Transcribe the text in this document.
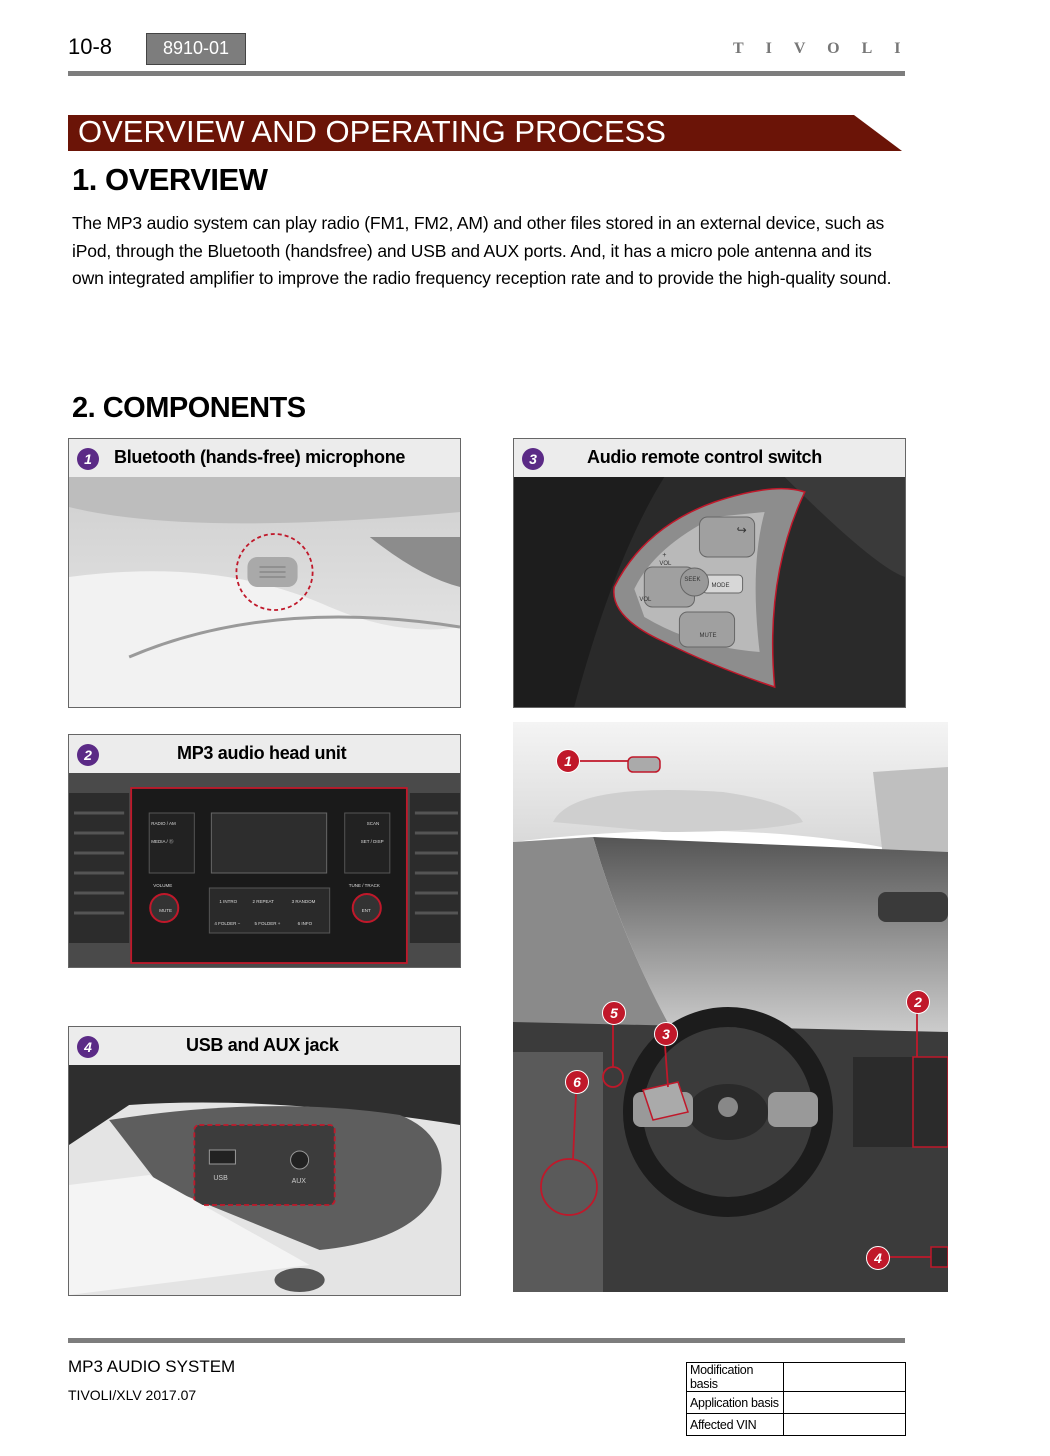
10-8	8910-01	TIVOLI
OVERVIEW AND OPERATING PROCESS
1. OVERVIEW
The MP3 audio system can play radio (FM1, FM2, AM) and other files stored in an external device, such as iPod, through the Bluetooth (handsfree) and USB and AUX ports. And, it has a micro pole antenna and its own integrated amplifier to improve the radio frequency reception rate and to provide the high-quality sound.
2. COMPONENTS
1	Bluetooth (hands-free) microphone	3	Audio remote control switch
+
VOL
SEEK
MODE
VOL
MUTE
↪
2	MP3 audio head unit
RADIO / AM
MEDIA / Ⓑ
SCAN
SET / DISP
VOLUME	TUNE / TRACK
MUTE	ENT
1 INTRO	2 REPEAT	3 RANDOM
4 FOLDER −	5 FOLDER +	6 INFO
4	USB and AUX jack
USB	AUX
1
2
3
4
5
6
MP3 AUDIO SYSTEM
TIVOLI/XLV 2017.07
Modification basis	
Application basis	
Affected VIN	
